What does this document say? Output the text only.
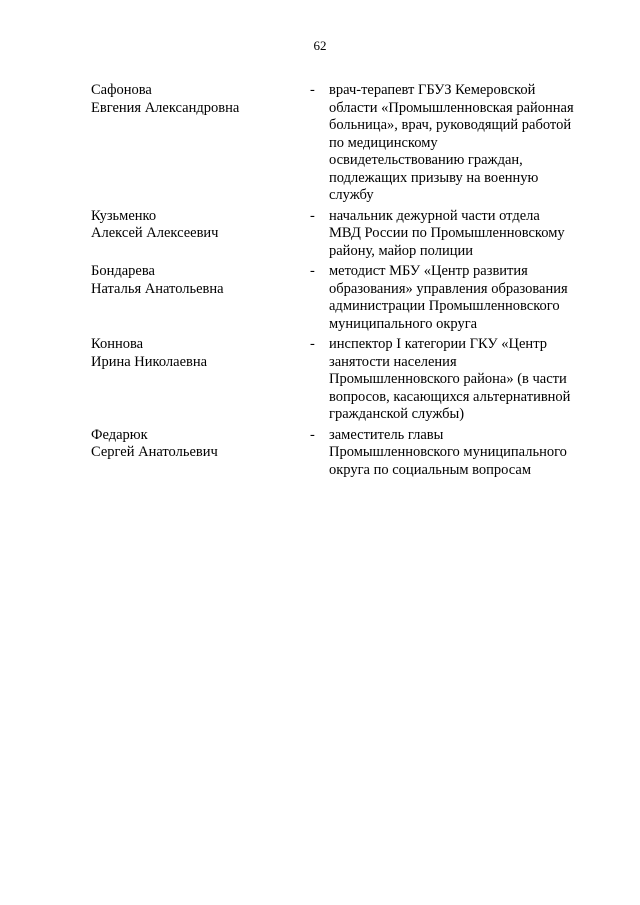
62
Сафонова
Евгения Александровна
- врач-терапевт ГБУЗ Кемеровской
области «Промышленновская районная
больница», врач, руководящий работой
по медицинскому
освидетельствованию граждан,
подлежащих призыву на военную
службу
Кузьменко
Алексей Алексеевич
- начальник дежурной части отдела
МВД России по Промышленновскому
району, майор полиции
Бондарева
Наталья Анатольевна
- методист МБУ «Центр развития
образования» управления образования
администрации Промышленновского
муниципального округа
Коннова
Ирина Николаевна
- инспектор I категории ГКУ «Центр
занятости населения
Промышленновского района» (в части
вопросов, касающихся альтернативной
гражданской службы)
Федарюк
Сергей Анатольевич
- заместитель главы
Промышленновского муниципального
округа по социальным вопросам
